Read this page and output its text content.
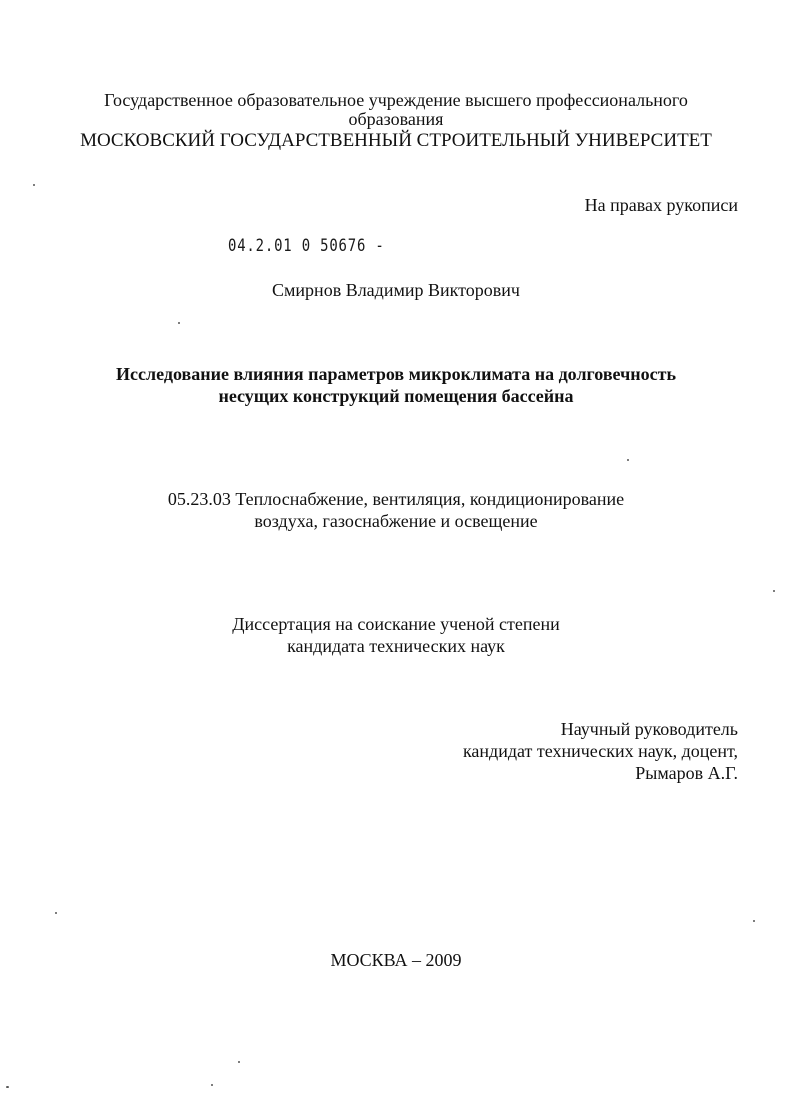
Государственное образовательное учреждение высшего профессионального
образования
МОСКОВСКИЙ ГОСУДАРСТВЕННЫЙ СТРОИТЕЛЬНЫЙ УНИВЕРСИТЕТ
На правах рукописи
04.2.01 0 50676 -
Смирнов Владимир Викторович
Исследование влияния параметров микроклимата на долговечность
несущих конструкций помещения бассейна
05.23.03 Теплоснабжение, вентиляция, кондиционирование
воздуха, газоснабжение и освещение
Диссертация на соискание ученой степени
кандидата технических наук
Научный руководитель
кандидат технических наук, доцент,
Рымаров А.Г.
МОСКВА – 2009
